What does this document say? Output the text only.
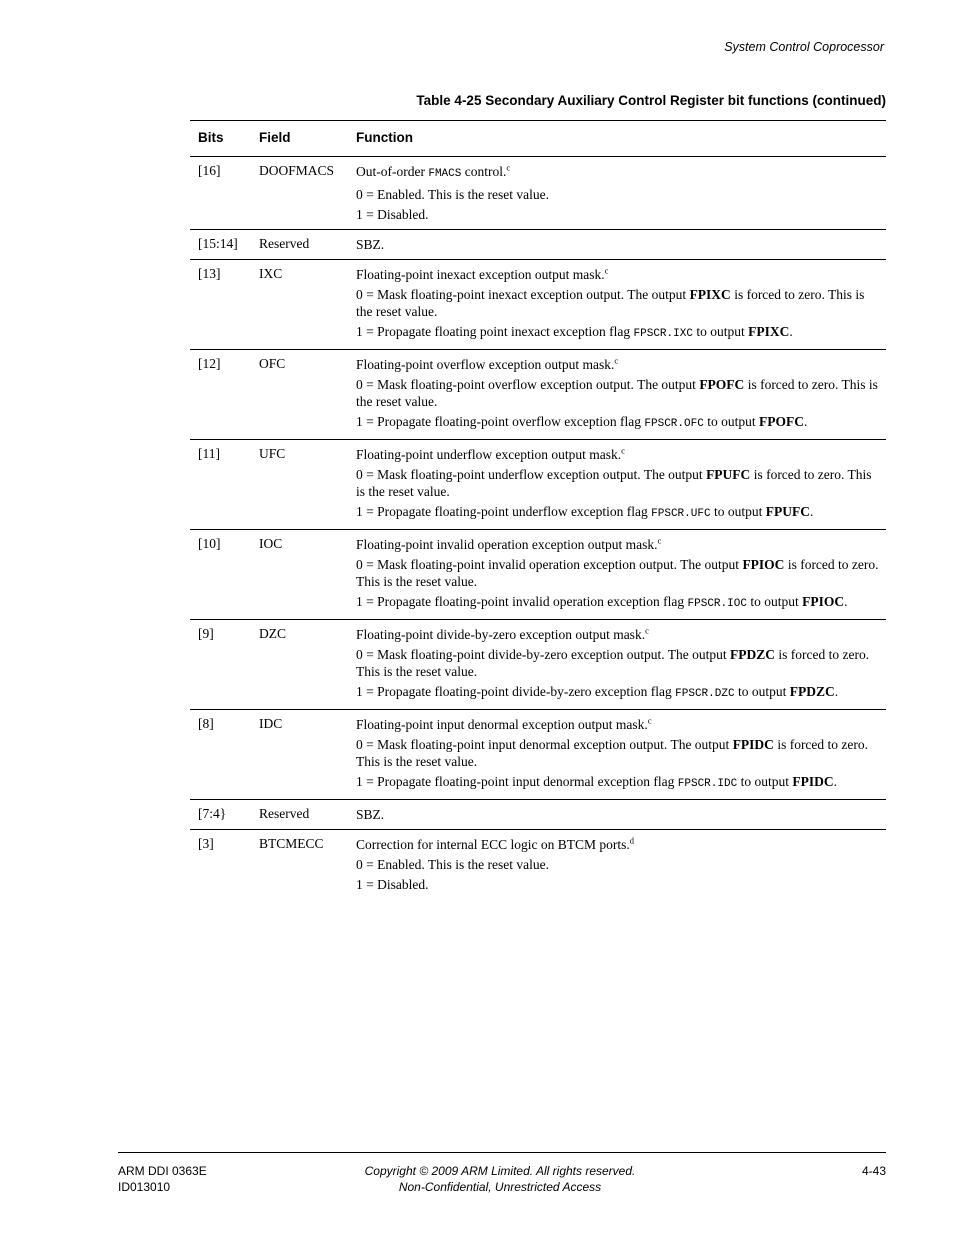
System Control Coprocessor
Table 4-25 Secondary Auxiliary Control Register bit functions (continued)
Bits	Field	Function
[16]	DOOFMACS Out-of-order FMACS control.$^c$

0 = Enabled. This is the reset value.

1 = Disabled.

[15:14] Reserved	SBZ.

[13]	IXC	Floating-point inexact exception output mask.$^c$

0 = Mask floating-point inexact exception output. The output FPIXC is forced to zero. This is the reset value.

1 = Propagate floating point inexact exception flag FPSCR.IXC to output FPIXC.

[12]	OFC	Floating-point overflow exception output mask.$^c$

0 = Mask floating-point overflow exception output. The output FPOFC is forced to zero. This is the reset value.

1 = Propagate floating-point overflow exception flag FPSCR.OFC to output FPOFC.

[11]	UFC	Floating-point underflow exception output mask.$^c$

0 = Mask floating-point underflow exception output. The output FPUFC is forced to zero. This is the reset value.

1 = Propagate floating-point underflow exception flag FPSCR.UFC to output FPUFC.

[10]	IOC	Floating-point invalid operation exception output mask.$^c$

0 = Mask floating-point invalid operation exception output. The output FPIOC is forced to zero. This is the reset value.

1 = Propagate floating-point invalid operation exception flag FPSCR.IOC to output FPIOC.

[9]	DZC	Floating-point divide-by-zero exception output mask.$^c$

0 = Mask floating-point divide-by-zero exception output. The output FPDZC is forced to zero. This is the reset value.

1 = Propagate floating-point divide-by-zero exception flag FPSCR.DZC to output FPDZC.

[8]	IDC	Floating-point input denormal exception output mask.$^c$

0 = Mask floating-point input denormal exception output. The output FPIDC is forced to zero. This is the reset value.

1 = Propagate floating-point input denormal exception flag FPSCR.IDC to output FPIDC.

[7:4} Reserved	SBZ.

[3]	BTCMECC Correction for internal ECC logic on BTCM ports.$^d$

0 = Enabled. This is the reset value.

1 = Disabled.

ARM DDI 0363E
ID013010
Copyright © 2009 ARM Limited. All rights reserved.
Non-Confidential, Unrestricted Access
4-43
